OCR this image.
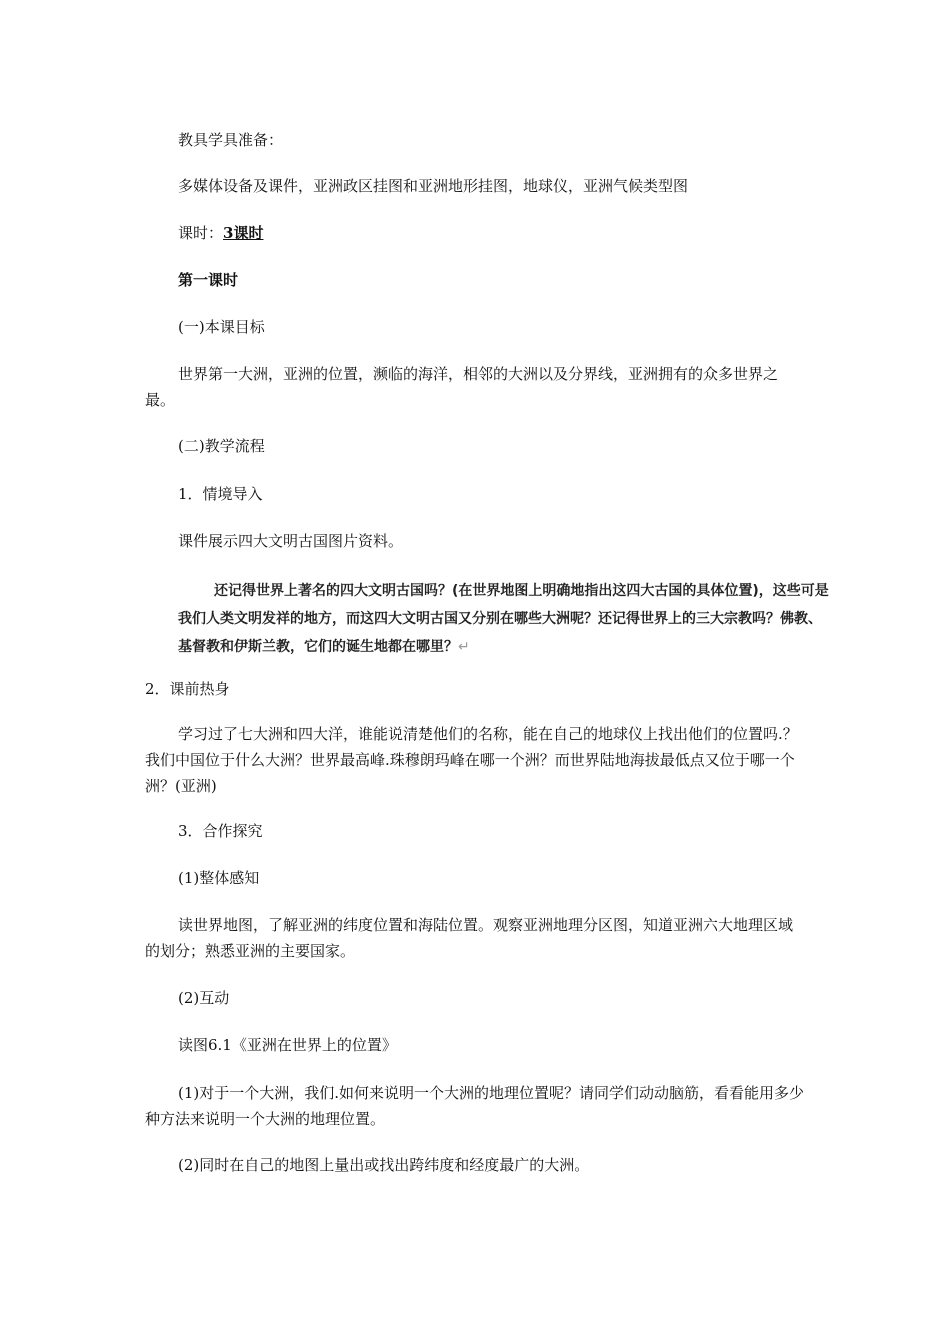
教具学具准备：
多媒体设备及课件，亚洲政区挂图和亚洲地形挂图，地球仪，亚洲气候类型图
课时：3课时
第一课时
(一)本课目标
世界第一大洲，亚洲的位置，濒临的海洋，相邻的大洲以及分界线，亚洲拥有的众多世界之最。
(二)教学流程
1．情境导入
课件展示四大文明古国图片资料。
还记得世界上著名的四大文明古国吗？(在世界地图上明确地指出这四大古国的具体位置)，这些可是
我们人类文明发祥的地方，而这四大文明古国又分别在哪些大洲呢？还记得世界上的三大宗教吗？佛教、
基督教和伊斯兰教，它们的诞生地都在哪里？↵
2．课前热身
学习过了七大洲和四大洋，谁能说清楚他们的名称，能在自己的地球仪上找出他们的位置吗.？我们中国位于什么大洲？世界最高峰.珠穆朗玛峰在哪一个洲？而世界陆地海拔最低点又位于哪一个洲？(亚洲)
3．合作探究
(1)整体感知
读世界地图，了解亚洲的纬度位置和海陆位置。观察亚洲地理分区图，知道亚洲六大地理区域的划分；熟悉亚洲的主要国家。
(2)互动
读图6.1《亚洲在世界上的位置》
(1)对于一个大洲，我们.如何来说明一个大洲的地理位置呢？请同学们动动脑筋，看看能用多少种方法来说明一个大洲的地理位置。
(2)同时在自己的地图上量出或找出跨纬度和经度最广的大洲。
